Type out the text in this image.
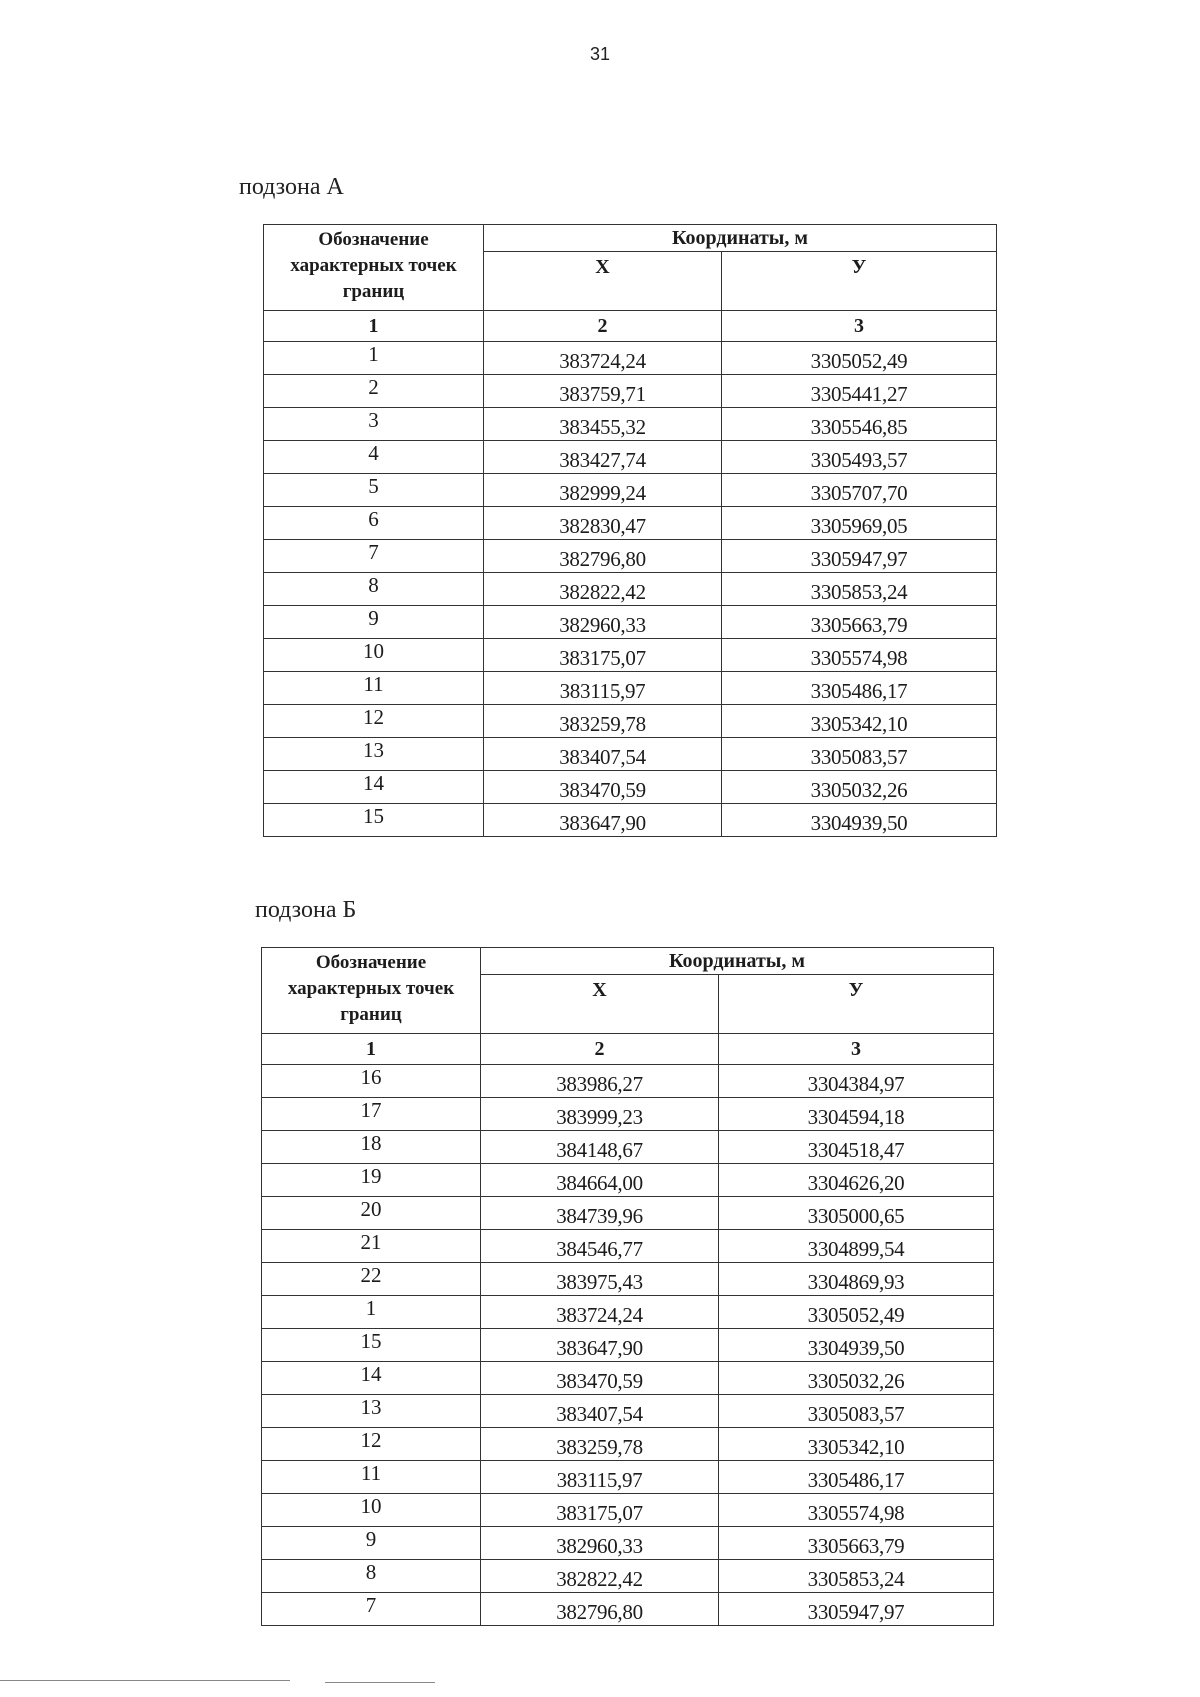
31
подзона А
Обозначение характерных точек границ	Координаты, м	
	Х	У
1	2	3
1	383724,24	3305052,49
2	383759,71	3305441,27
3	383455,32	3305546,85
4	383427,74	3305493,57
5	382999,24	3305707,70
6	382830,47	3305969,05
7	382796,80	3305947,97
8	382822,42	3305853,24
9	382960,33	3305663,79
10	383175,07	3305574,98
11	383115,97	3305486,17
12	383259,78	3305342,10
13	383407,54	3305083,57
14	383470,59	3305032,26
15	383647,90	3304939,50
подзона Б
Обозначение характерных точек границ	Координаты, м	
	Х	У
1	2	3
16	383986,27	3304384,97
17	383999,23	3304594,18
18	384148,67	3304518,47
19	384664,00	3304626,20
20	384739,96	3305000,65
21	384546,77	3304899,54
22	383975,43	3304869,93
1	383724,24	3305052,49
15	383647,90	3304939,50
14	383470,59	3305032,26
13	383407,54	3305083,57
12	383259,78	3305342,10
11	383115,97	3305486,17
10	383175,07	3305574,98
9	382960,33	3305663,79
8	382822,42	3305853,24
7	382796,80	3305947,97
